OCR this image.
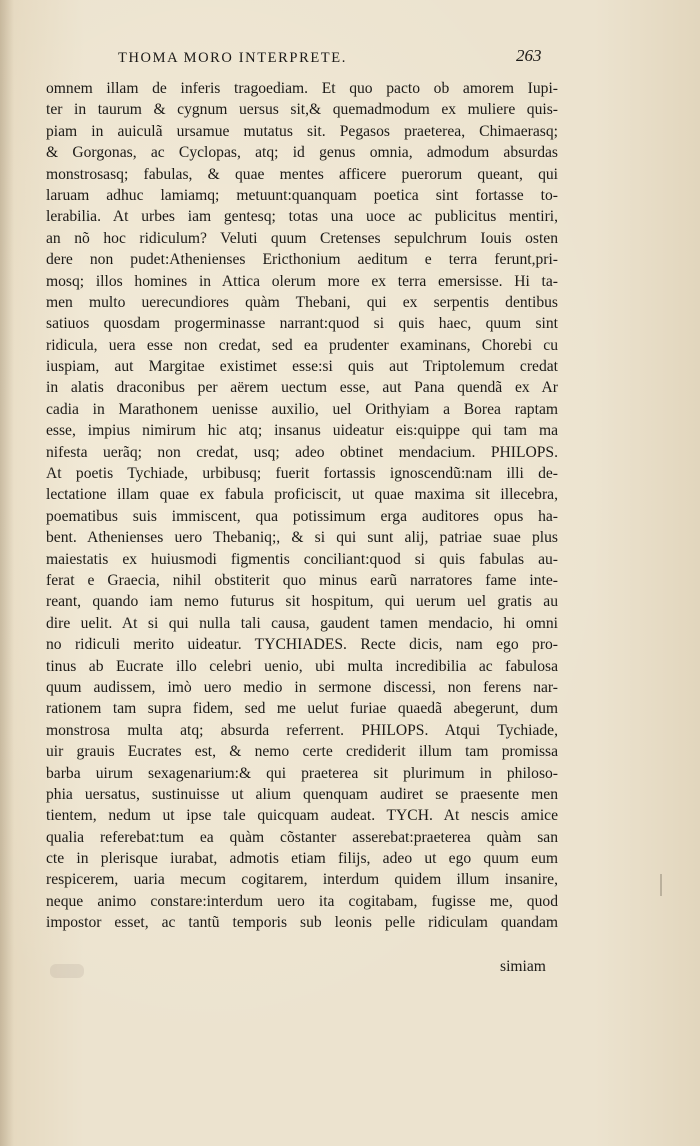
THOMA MORO INTERPRETE.	263
omnem illam de inferis tragoediam. Et quo pacto ob amorem Iupi-
ter in taurum & cygnum uersus sit,& quemadmodum ex muliere quis-
piam in auiculã ursamue mutatus sit. Pegasos praeterea, Chimaerasq;
& Gorgonas, ac Cyclopas, atq; id genus omnia, admodum absurdas
monstrosasq; fabulas, & quae mentes afficere puerorum queant, qui
laruam adhuc lamiamq; metuunt:quanquam poetica sint fortasse to-
lerabilia. At urbes iam gentesq; totas una uoce ac publicitus mentiri,
an nõ hoc ridiculum? Veluti quum Cretenses sepulchrum Iouis osten
dere non pudet:Athenienses Ericthonium aeditum e terra ferunt,pri-
mosq; illos homines in Attica olerum more ex terra emersisse. Hi ta-
men multo uerecundiores quàm Thebani, qui ex serpentis dentibus
satiuos quosdam progerminasse narrant:quod si quis haec, quum sint
ridicula, uera esse non credat, sed ea prudenter examinans, Chorebi cu
iuspiam, aut Margitae existimet esse:si quis aut Triptolemum credat
in alatis draconibus per aërem uectum esse, aut Pana quendã ex Ar
cadia in Marathonem uenisse auxilio, uel Orithyiam a Borea raptam
esse, impius nimirum hic atq; insanus uideatur eis:quippe qui tam ma
nifesta uerãq; non credat, usq; adeo obtinet mendacium. PHILOPS.
At poetis Tychiade, urbibusq; fuerit fortassis ignoscendũ:nam illi de-
lectatione illam quae ex fabula proficiscit, ut quae maxima sit illecebra,
poematibus suis immiscent, qua potissimum erga auditores opus ha-
bent. Athenienses uero Thebaniq;, & si qui sunt alij, patriae suae plus
maiestatis ex huiusmodi figmentis conciliant:quod si quis fabulas au-
ferat e Graecia, nihil obstiterit quo minus earũ narratores fame inte-
reant, quando iam nemo futurus sit hospitum, qui uerum uel gratis au
dire uelit. At si qui nulla tali causa, gaudent tamen mendacio, hi omni
no ridiculi merito uideatur. TYCHIADES. Recte dicis, nam ego pro-
tinus ab Eucrate illo celebri uenio, ubi multa incredibilia ac fabulosa
quum audissem, imò uero medio in sermone discessi, non ferens nar-
rationem tam supra fidem, sed me uelut furiae quaedã abegerunt, dum
monstrosa multa atq; absurda referrent. PHILOPS. Atqui Tychiade,
uir grauis Eucrates est, & nemo certe crediderit illum tam promissa
barba uirum sexagenarium:& qui praeterea sit plurimum in philoso-
phia uersatus, sustinuisse ut alium quenquam audiret se praesente men
tientem, nedum ut ipse tale quicquam audeat. TYCH. At nescis amice
qualia referebat:tum ea quàm cõstanter asserebat:praeterea quàm san
cte in plerisque iurabat, admotis etiam filijs, adeo ut ego quum eum
respicerem, uaria mecum cogitarem, interdum quidem illum insanire,
neque animo constare:interdum uero ita cogitabam, fugisse me, quod
impostor esset, ac tantũ temporis sub leonis pelle ridiculam quandam
simiam
